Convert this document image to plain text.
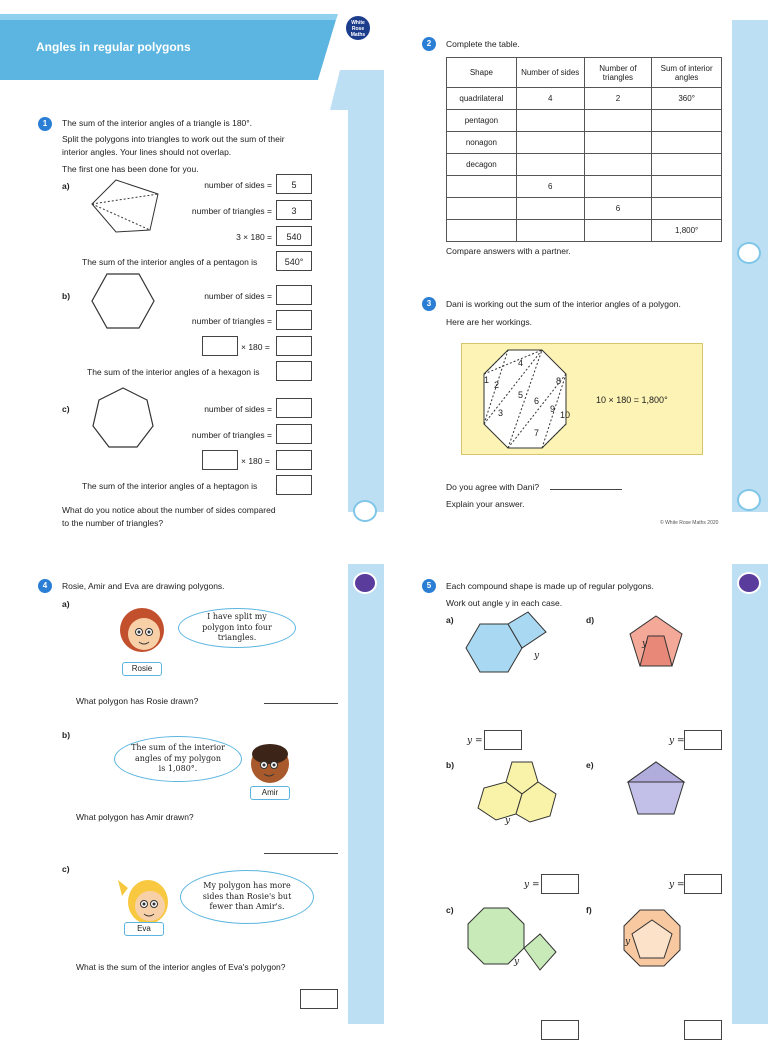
Angles in regular polygons
White Rose Maths
1	The sum of the interior angles of a triangle is 180°.
Split the polygons into triangles to work out the sum of their
interior angles. Your lines should not overlap.
The first one has been done for you.
a)	number of sides =	5
number of triangles =	3
3 × 180 =	540
The sum of the interior angles of a pentagon is	540°
b)	number of sides =
number of triangles =
× 180 =
The sum of the interior angles of a hexagon is
c)	number of sides =
number of triangles =
× 180 =
The sum of the interior angles of a heptagon is
What do you notice about the number of sides compared
to the number of triangles?
2	Complete the table.
Shape	Number of sides	Number of triangles	Sum of interior angles
quadrilateral	4	2	360°
pentagon			
nonagon			
decagon			
	6		
		6	
			1,800°
Compare answers with a partner.
3	Dani is working out the sum of the interior angles of a polygon.
Here are her workings.
1 2
3
4
5
6
7
8
9
10
10 × 180 = 1,800°
Do you agree with Dani?
Explain your answer.
© White Rose Maths 2020
4	Rosie, Amir and Eva are drawing polygons.
a)
I have split my polygon into four triangles.
Rosie
What polygon has Rosie drawn?
b)
The sum of the interior angles of my polygon is 1,080°.
Amir
What polygon has Amir drawn?
c)
My polygon has more sides than Rosie's but fewer than Amir's.
Eva
What is the sum of the interior angles of Eva's polygon?
5	Each compound shape is made up of regular polygons.
Work out angle y in each case.
a)
y
y =
b)
y
y =
c)
y
d)
y
y =
e)
y =
f)
y
